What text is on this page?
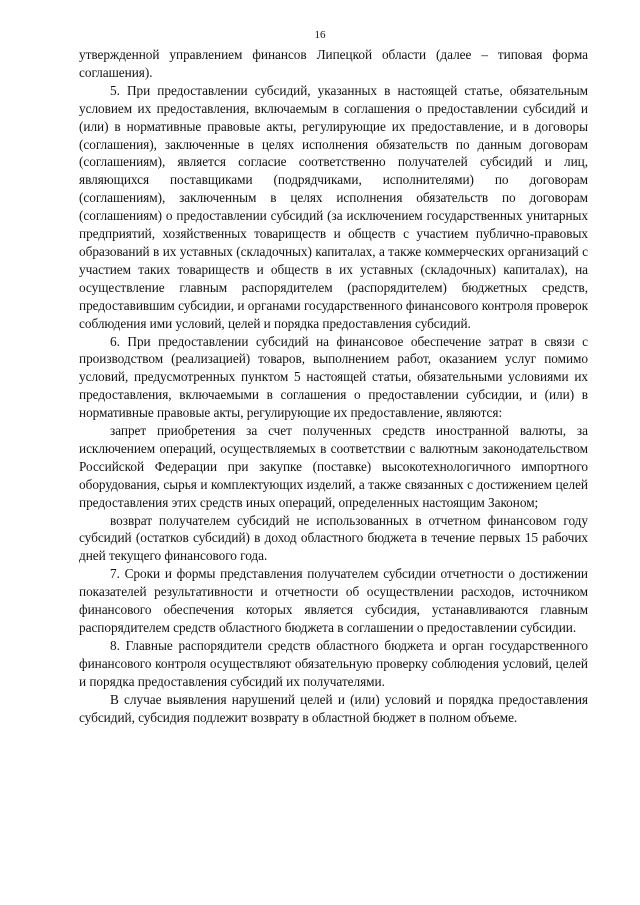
16

утвержденной управлением финансов Липецкой области (далее – типовая форма соглашения).

5. При предоставлении субсидий, указанных в настоящей статье, обязательным условием их предоставления, включаемым в соглашения о предоставлении субсидий и (или) в нормативные правовые акты, регулирующие их предоставление, и в договоры (соглашения), заключенные в целях исполнения обязательств по данным договорам (соглашениям), является согласие соответственно получателей субсидий и лиц, являющихся поставщиками (подрядчиками, исполнителями) по договорам (соглашениям), заключенным в целях исполнения обязательств по договорам (соглашениям) о предоставлении субсидий (за исключением государственных унитарных предприятий, хозяйственных товариществ и обществ с участием публично-правовых образований в их уставных (складочных) капиталах, а также коммерческих организаций с участием таких товариществ и обществ в их уставных (складочных) капиталах), на осуществление главным распорядителем (распорядителем) бюджетных средств, предоставившим субсидии, и органами государственного финансового контроля проверок соблюдения ими условий, целей и порядка предоставления субсидий.

6. При предоставлении субсидий на финансовое обеспечение затрат в связи с производством (реализацией) товаров, выполнением работ, оказанием услуг помимо условий, предусмотренных пунктом 5 настоящей статьи, обязательными условиями их предоставления, включаемыми в соглашения о предоставлении субсидии, и (или) в нормативные правовые акты, регулирующие их предоставление, являются:

запрет приобретения за счет полученных средств иностранной валюты, за исключением операций, осуществляемых в соответствии с валютным законодательством Российской Федерации при закупке (поставке) высокотехнологичного импортного оборудования, сырья и комплектующих изделий, а также связанных с достижением целей предоставления этих средств иных операций, определенных настоящим Законом;

возврат получателем субсидий не использованных в отчетном финансовом году субсидий (остатков субсидий) в доход областного бюджета в течение первых 15 рабочих дней текущего финансового года.

7. Сроки и формы представления получателем субсидии отчетности о достижении показателей результативности и отчетности об осуществлении расходов, источником финансового обеспечения которых является субсидия, устанавливаются главным распорядителем средств областного бюджета в соглашении о предоставлении субсидии.

8. Главные распорядители средств областного бюджета и орган государственного финансового контроля осуществляют обязательную проверку соблюдения условий, целей и порядка предоставления субсидий их получателями.

В случае выявления нарушений целей и (или) условий и порядка предоставления субсидий, субсидия подлежит возврату в областной бюджет в полном объеме.
